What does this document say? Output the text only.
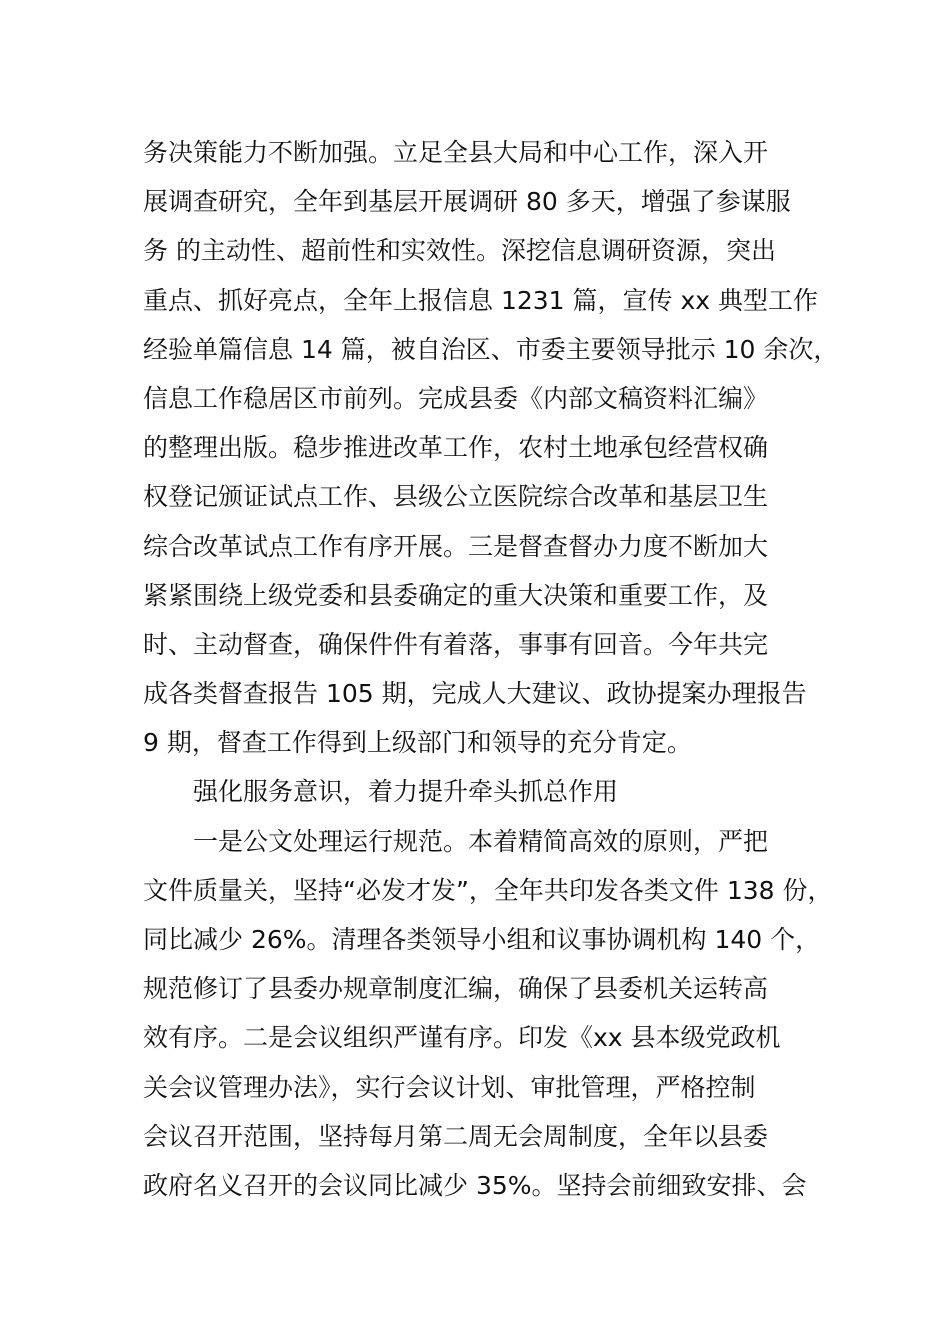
务决策能力不断加强。立足全县大局和中心工作，深入开
展调查研究，全年到基层开展调研 80 多天，增强了参谋服
务 的主动性、超前性和实效性。深挖信息调研资源，突出
重点、抓好亮点，全年上报信息 1231 篇，宣传 xx 典型工作
经验单篇信息 14 篇，被自治区、市委主要领导批示 10 余次，
信息工作稳居区市前列。完成县委《内部文稿资料汇编》
的整理出版。稳步推进改革工作，农村土地承包经营权确
权登记颁证试点工作、县级公立医院综合改革和基层卫生
综合改革试点工作有序开展。三是督查督办力度不断加大
紧紧围绕上级党委和县委确定的重大决策和重要工作，及
时、主动督查，确保件件有着落，事事有回音。今年共完
成各类督查报告 105 期，完成人大建议、政协提案办理报告
9 期，督查工作得到上级部门和领导的充分肯定。
强化服务意识，着力提升牵头抓总作用
一是公文处理运行规范。本着精简高效的原则，严把
文件质量关，坚持“必发才发”，全年共印发各类文件 138 份，
同比减少 26%。清理各类领导小组和议事协调机构 140 个，
规范修订了县委办规章制度汇编，确保了县委机关运转高
效有序。二是会议组织严谨有序。印发《xx 县本级党政机
关会议管理办法》，实行会议计划、审批管理，严格控制
会议召开范围，坚持每月第二周无会周制度，全年以县委
政府名义召开的会议同比减少 35%。坚持会前细致安排、会
